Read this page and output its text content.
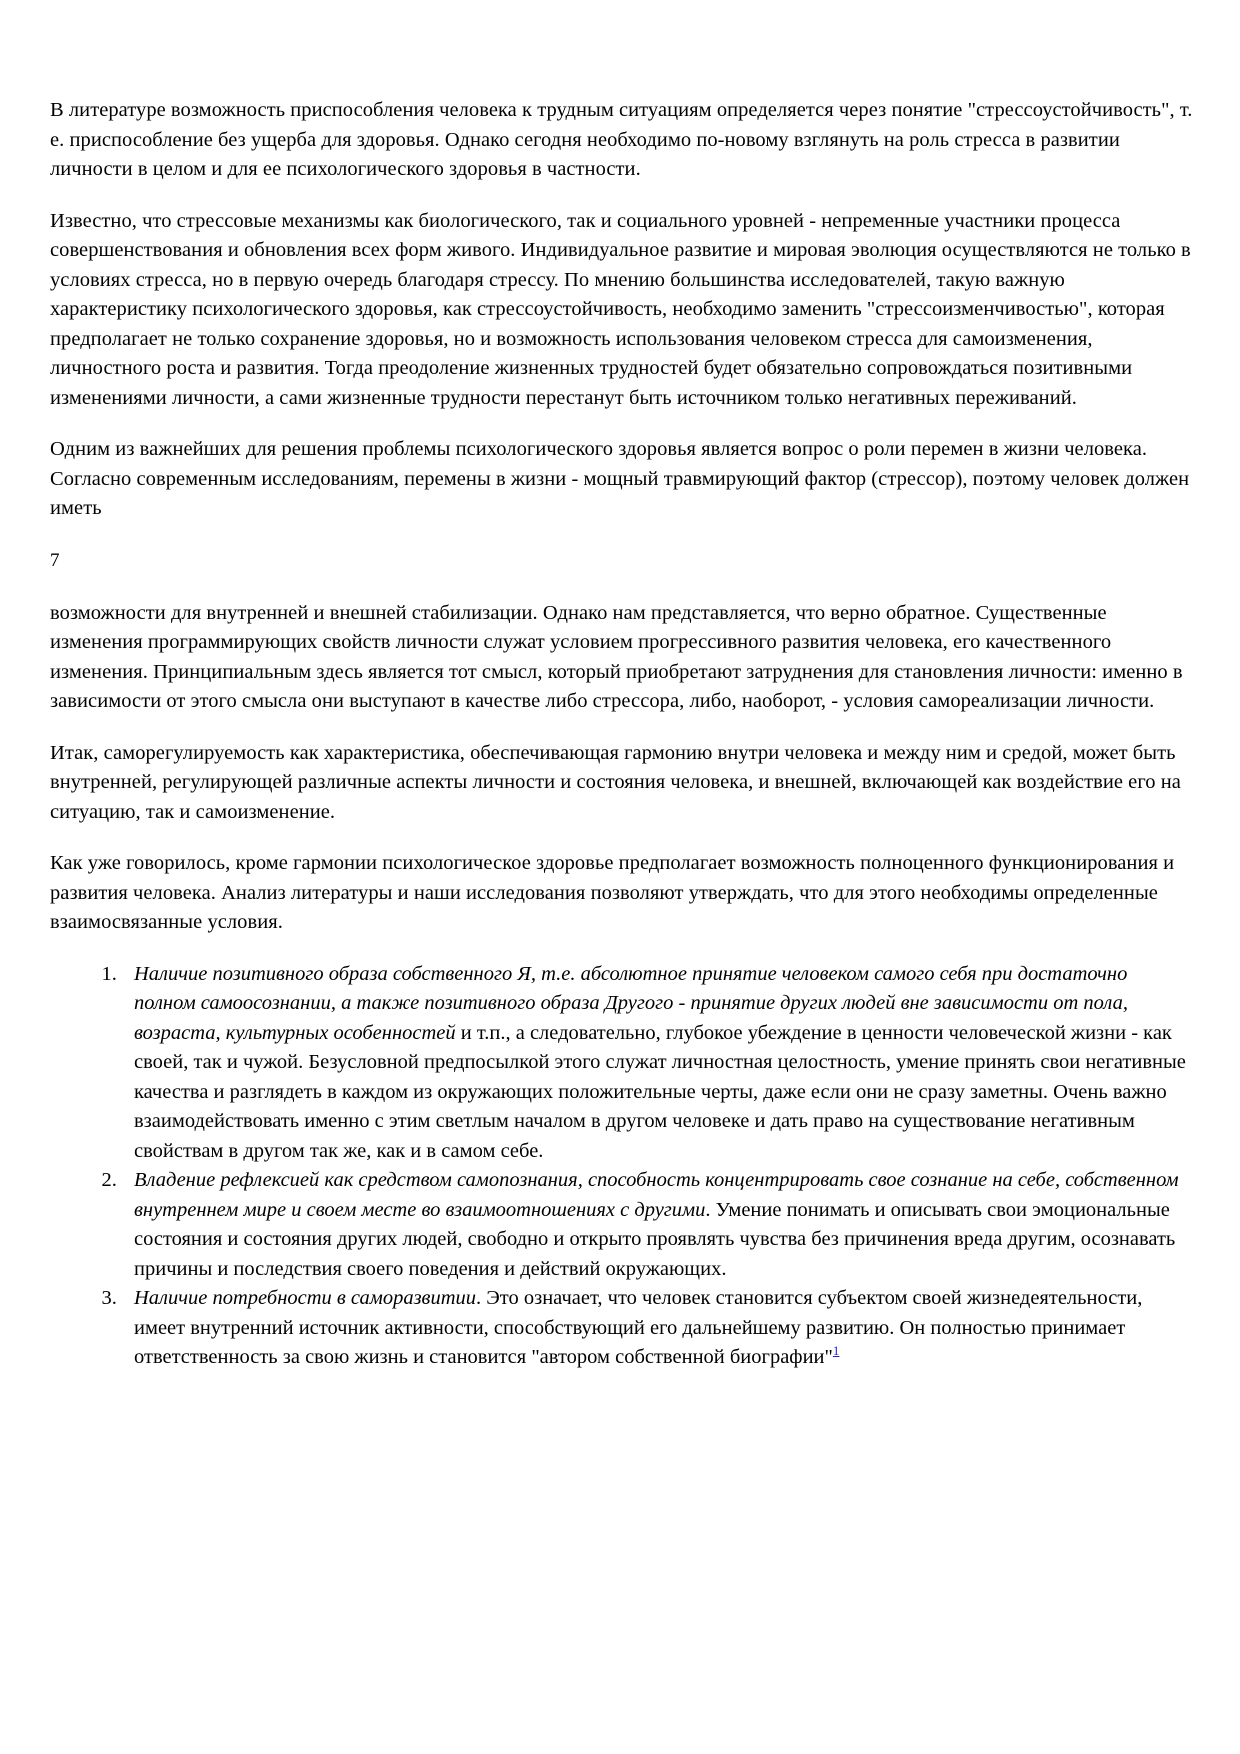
В литературе возможность приспособления человека к трудным ситуациям определяется через понятие "стрессоустойчивость", т. е. приспособление без ущерба для здоровья. Однако сегодня необходимо по-новому взглянуть на роль стресса в развитии личности в целом и для ее психологического здоровья в частности.

Известно, что стрессовые механизмы как биологического, так и социального уровней - непременные участники процесса совершенствования и обновления всех форм живого. Индивидуальное развитие и мировая эволюция осуществляются не только в условиях стресса, но в первую очередь благодаря стрессу. По мнению большинства исследователей, такую важную характеристику психологического здоровья, как стрессоустойчивость, необходимо заменить "стрессоизменчивостью", которая предполагает не только сохранение здоровья, но и возможность использования человеком стресса для самоизменения, личностного роста и развития. Тогда преодоление жизненных трудностей будет обязательно сопровождаться позитивными изменениями личности, а сами жизненные трудности перестанут быть источником только негативных переживаний.

Одним из важнейших для решения проблемы психологического здоровья является вопрос о роли перемен в жизни человека. Согласно современным исследованиям, перемены в жизни - мощный травмирующий фактор (стрессор), поэтому человек должен иметь

7

возможности для внутренней и внешней стабилизации. Однако нам представляется, что верно обратное. Существенные изменения программирующих свойств личности служат условием прогрессивного развития человека, его качественного изменения. Принципиальным здесь является тот смысл, который приобретают затруднения для становления личности: именно в зависимости от этого смысла они выступают в качестве либо стрессора, либо, наоборот, - условия самореализации личности.

Итак, саморегулируемость как характеристика, обеспечивающая гармонию внутри человека и между ним и средой, может быть внутренней, регулирующей различные аспекты личности и состояния человека, и внешней, включающей как воздействие его на ситуацию, так и самоизменение.

Как уже говорилось, кроме гармонии психологическое здоровье предполагает возможность полноценного функционирования и развития человека. Анализ литературы и наши исследования позволяют утверждать, что для этого необходимы определенные взаимосвязанные условия.

1. Наличие позитивного образа собственного Я, т.е. абсолютное принятие человеком самого себя при достаточно полном самоосознании, а также позитивного образа Другого - принятие других людей вне зависимости от пола, возраста, культурных особенностей и т.п., а следовательно, глубокое убеждение в ценности человеческой жизни - как своей, так и чужой. Безусловной предпосылкой этого служат личностная целостность, умение принять свои негативные качества и разглядеть в каждом из окружающих положительные черты, даже если они не сразу заметны. Очень важно взаимодействовать именно с этим светлым началом в другом человеке и дать право на существование негативным свойствам в другом так же, как и в самом себе.
2. Владение рефлексией как средством самопознания, способность концентрировать свое сознание на себе, собственном внутреннем мире и своем месте во взаимоотношениях с другими. Умение понимать и описывать свои эмоциональные состояния и состояния других людей, свободно и открыто проявлять чувства без причинения вреда другим, осознавать причины и последствия своего поведения и действий окружающих.
3. Наличие потребности в саморазвитии. Это означает, что человек становится субъектом своей жизнедеятельности, имеет внутренний источник активности, способствующий его дальнейшему развитию. Он полностью принимает ответственность за свою жизнь и становится "автором собственной биографии"$^1$
